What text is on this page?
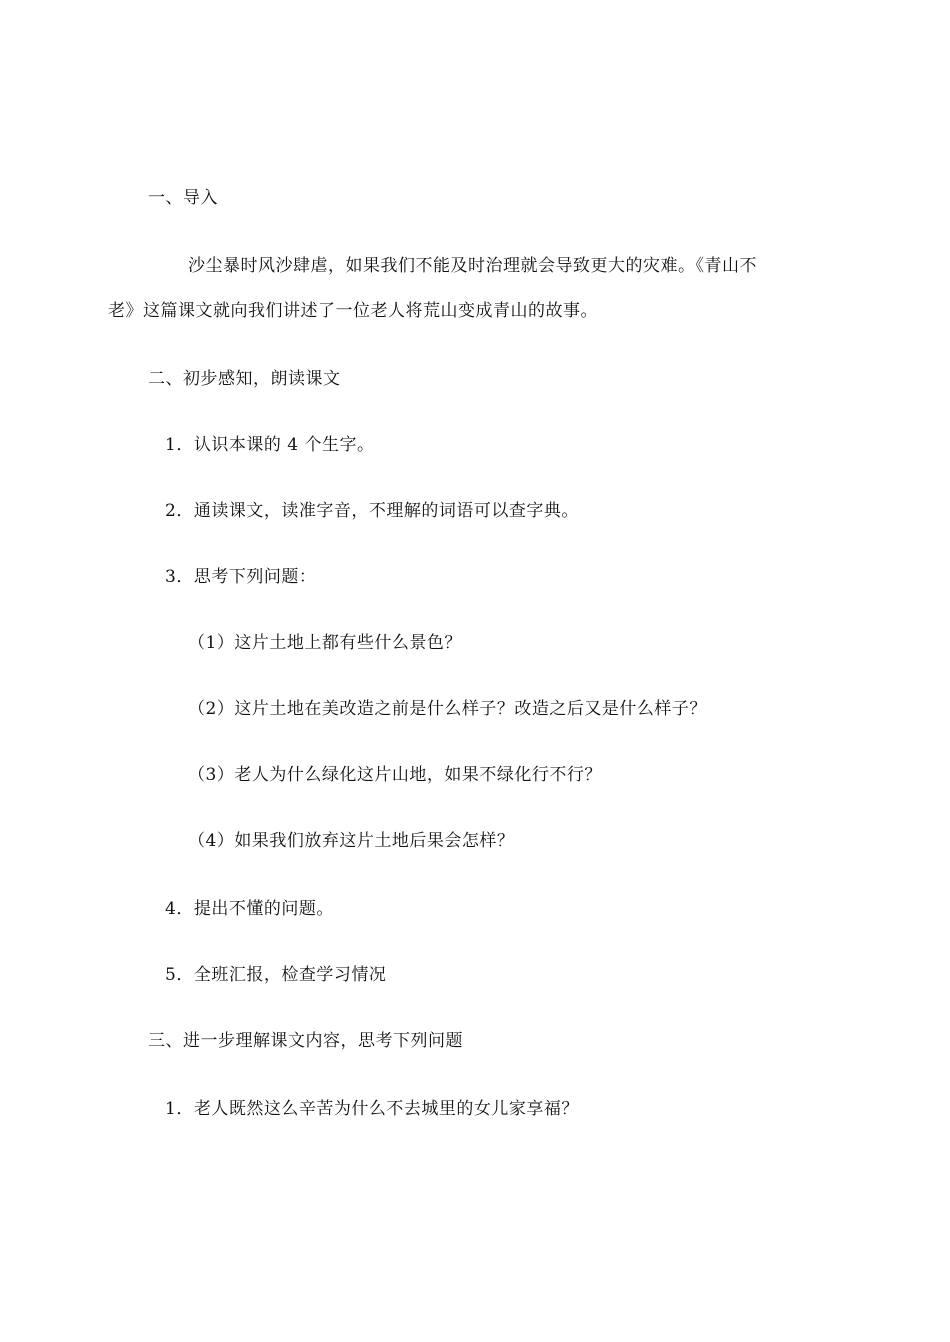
一、导入
沙尘暴时风沙肆虐，如果我们不能及时治理就会导致更大的灾难。《青山不
老》这篇课文就向我们讲述了一位老人将荒山变成青山的故事。
二、初步感知，朗读课文
1．认识本课的 4 个生字。
2．通读课文，读准字音，不理解的词语可以查字典。
3．思考下列问题：
（1）这片土地上都有些什么景色？
（2）这片土地在美改造之前是什么样子？改造之后又是什么样子？
（3）老人为什么绿化这片山地，如果不绿化行不行？
（4）如果我们放弃这片土地后果会怎样？
4．提出不懂的问题。
5．全班汇报，检查学习情况
三、进一步理解课文内容，思考下列问题
1．老人既然这么辛苦为什么不去城里的女儿家享福？
